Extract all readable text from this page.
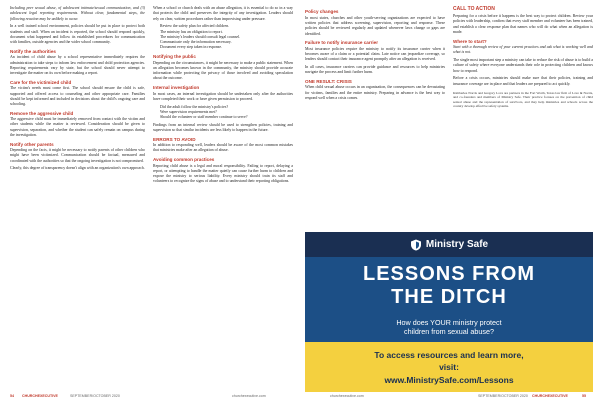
Including peer sexual abuse, of adolescent intimate/sexual communication, and (3) adolescent legal reporting requirements. Without clear, fundamental steps, the following reaction may be unlikely to occur.

In a well trained school environment, policies should be put in place to protect both students and staff. When an incident is reported, the school should respond quickly, document what happened and follow its established procedures for communication with families, outside agencies and the wider school community.

Notify the authorities

An incident of child abuse by a school representative immediately requires the administration to take steps to inform law enforcement and child protection agencies. Reporting requirements vary by state, but the school should never attempt to investigate the matter on its own before making a report.

Care for the victimized child

The victim's needs must come first. The school should ensure the child is safe, supported and offered access to counseling and other appropriate care. Families should be kept informed and included in decisions about the child's ongoing care and schooling.

Remove the aggressive child

The aggressive child must be immediately removed from contact with the victim and other students while the matter is reviewed. Consideration should be given to supervision, separation, and whether the student can safely remain on campus during the investigation.

Notify other parents

Depending on the facts, it might be necessary to notify parents of other children who might have been victimized. Communication should be factual, measured and coordinated with the authorities so that the ongoing investigation is not compromised.

Clearly, this degree of transparency doesn't align with an organization's own approach.

When a school or church deals with an abuse allegation, it is essential to do so in a way that protects the child and preserves the integrity of any investigation. Leaders should rely on clear, written procedures rather than improvising under pressure.

• Review the safety plan for affected children.
• The ministry has an obligation to report.
• The ministry's leaders should consult legal counsel.
• Communicate only the information necessary.
• Document every step taken in response.
Notifying the public

Depending on the circumstances, it might be necessary to make a public statement. When an allegation becomes known in the community, the ministry should provide accurate information while protecting the privacy of those involved and avoiding speculation about the outcome.

Internal investigation

In most cases, an internal investigation should be undertaken only after the authorities have completed their work or have given permission to proceed.

• Did the adult follow the ministry's policies?
• Were supervision requirements met?
• Should the volunteer or staff member continue to serve?

Findings from an internal review should be used to strengthen policies, training and supervision so that similar incidents are less likely to happen in the future.

ERRORS TO AVOID

In addition to responding well, leaders should be aware of the most common mistakes that ministries make after an allegation of abuse.

Avoiding common practices

Reporting child abuse is a legal and moral responsibility. Failing to report, delaying a report, or attempting to handle the matter quietly can cause further harm to children and expose the ministry to serious liability. Every ministry should train its staff and volunteers to recognize the signs of abuse and to understand their reporting obligations.

Policy changes

In most states, churches and other youth-serving organizations are expected to have written policies that address screening, supervision, reporting and response. These policies should be reviewed regularly and updated whenever laws change or gaps are identified.

Failure to notify insurance carrier

Most insurance policies require the ministry to notify its insurance carrier when it becomes aware of a claim or a potential claim. Late notice can jeopardize coverage, so leaders should contact their insurance agent promptly after an allegation is received.

In all cases, insurance carriers can provide guidance and resources to help ministries navigate the process and limit further harm.

ONE RESULT: CRISIS

When child sexual abuse occurs in an organization, the consequences can be devastating for victims, families and the entire ministry. Preparing in advance is the best way to respond well when a crisis comes.

CALL TO ACTION

Preparing for a crisis before it happens is the best way to protect children. Review your policies with leadership, confirm that every staff member and volunteer has been trained, and establish a clear response plan that names who will do what when an allegation is made.

Where to start?

Start with a thorough review of your current practices and ask what is working well and what is not.

The single most important step a ministry can take to reduce the risk of abuse is to build a culture of safety where everyone understands their role in protecting children and knows how to respond.

Before a crisis occurs, ministries should make sure that their policies, training and insurance coverage are in place and that leaders are prepared to act quickly.

Kimberlee Norris and Gregory Love are partners in the Fort Worth, Texas law firm of Love & Norris, and co-founders and members of Ministry Safe. Their practice focuses on the prevention of child sexual abuse and the representation of survivors, and they help ministries and schools across the country develop effective safety systems.
Ministry Safe
LESSONS FROM
THE DITCH
How does YOUR ministry protect
children from sexual abuse?
To access resources and learn more,
visit:
www.MinistrySafe.com/Lessons
54 CHURCHEXECUTIVE	SEPTEMBER/OCTOBER 2020	churchexecutive.com	churchexecutive.com	SEPTEMBER/OCTOBER 2020 CHURCHEXECUTIVE	55
